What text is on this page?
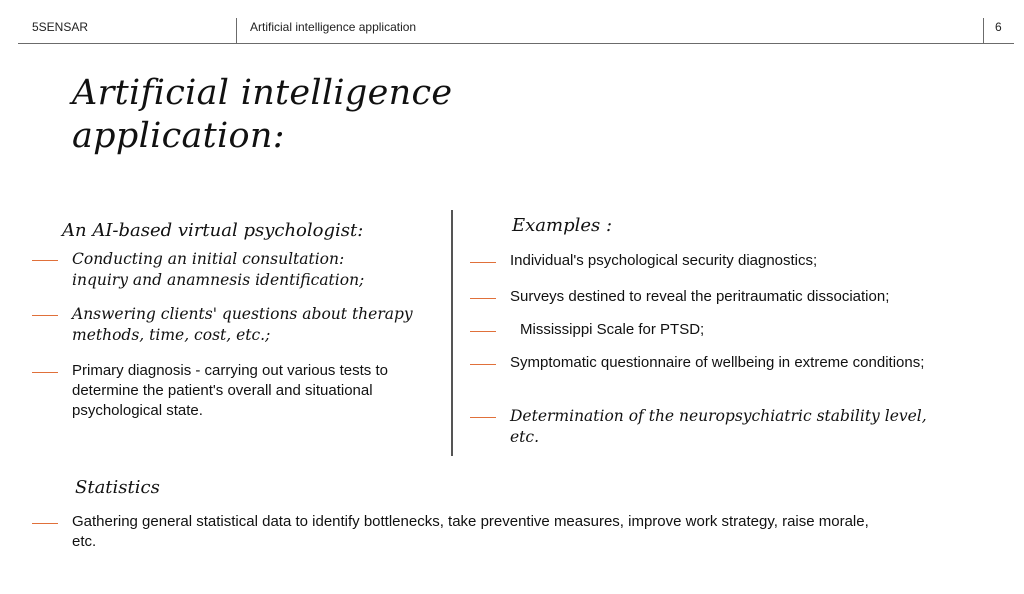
5SENSAR	Artificial intelligence application	6
Artificial intelligence
application:
An AI-based virtual psychologist:
Conducting an initial consultation:
inquiry and anamnesis identification;
Answering clients' questions about therapy
methods, time, cost, etc.;
Primary diagnosis - carrying out various tests to
determine the patient's overall and situational
psychological state.
Examples :
Individual's psychological security diagnostics;
Surveys destined to reveal the peritraumatic dissociation;
Mississippi Scale for PTSD;
Symptomatic questionnaire of wellbeing in extreme conditions;
Determination of the neuropsychiatric stability level,
etc.
Statistics
Gathering general statistical data to identify bottlenecks, take preventive measures, improve work strategy, raise morale,
etc.
